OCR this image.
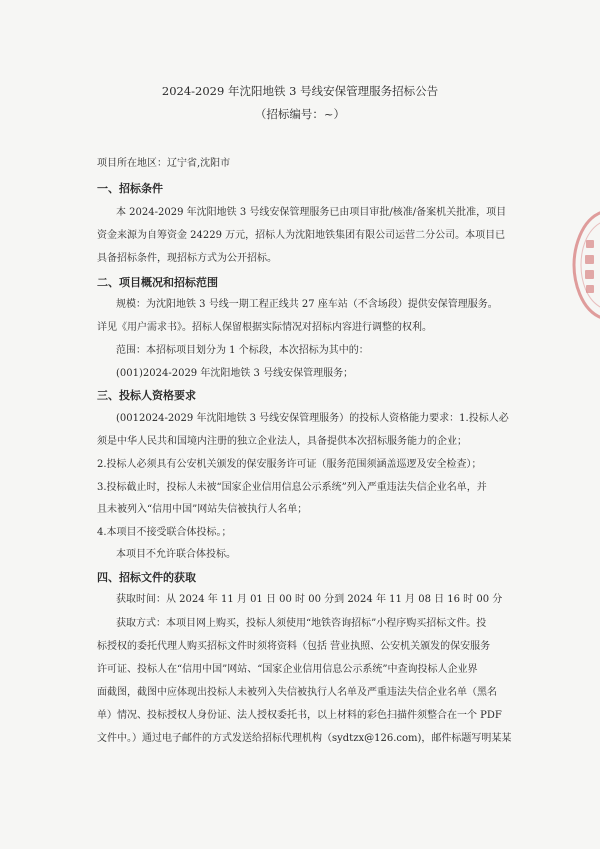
2024-2029 年沈阳地铁 3 号线安保管理服务招标公告
（招标编号：~）
项目所在地区：辽宁省,沈阳市
一、招标条件
本 2024-2029 年沈阳地铁 3 号线安保管理服务已由项目审批/核准/备案机关批准，项目
资金来源为自筹资金 24229 万元，招标人为沈阳地铁集团有限公司运营二分公司。本项目已
具备招标条件，现招标方式为公开招标。
二、项目概况和招标范围
规模：为沈阳地铁 3 号线一期工程正线共 27 座车站（不含场段）提供安保管理服务。
详见《用户需求书》。招标人保留根据实际情况对招标内容进行调整的权利。
范围：本招标项目划分为 1 个标段，本次招标为其中的：
(001)2024-2029 年沈阳地铁 3 号线安保管理服务；
三、投标人资格要求
(0012024-2029 年沈阳地铁 3 号线安保管理服务）的投标人资格能力要求：1.投标人必
须是中华人民共和国境内注册的独立企业法人，具备提供本次招标服务能力的企业；
2.投标人必须具有公安机关颁发的保安服务许可证（服务范围须涵盖巡逻及安全检查）；
3.投标截止时，投标人未被“国家企业信用信息公示系统”列入严重违法失信企业名单，并
且未被列入“信用中国”网站失信被执行人名单；
4.本项目不接受联合体投标。；
本项目不允许联合体投标。
四、招标文件的获取
获取时间：从 2024 年 11 月 01 日 00 时 00 分到 2024 年 11 月 08 日 16 时 00 分
获取方式：本项目网上购买，投标人须使用“地铁咨询招标”小程序购买招标文件。投
标授权的委托代理人购买招标文件时须将资料（包括 营业执照、公安机关颁发的保安服务
许可证、投标人在“信用中国”网站、“国家企业信用信息公示系统”中查询投标人企业界
面截图，截图中应体现出投标人未被列入失信被执行人名单及严重违法失信企业名单（黑名
单）情况、投标授权人身份证、法人授权委托书，以上材料的彩色扫描件须整合在一个 PDF
文件中。）通过电子邮件的方式发送给招标代理机构（sydtzx@126.com)，邮件标题写明某某
